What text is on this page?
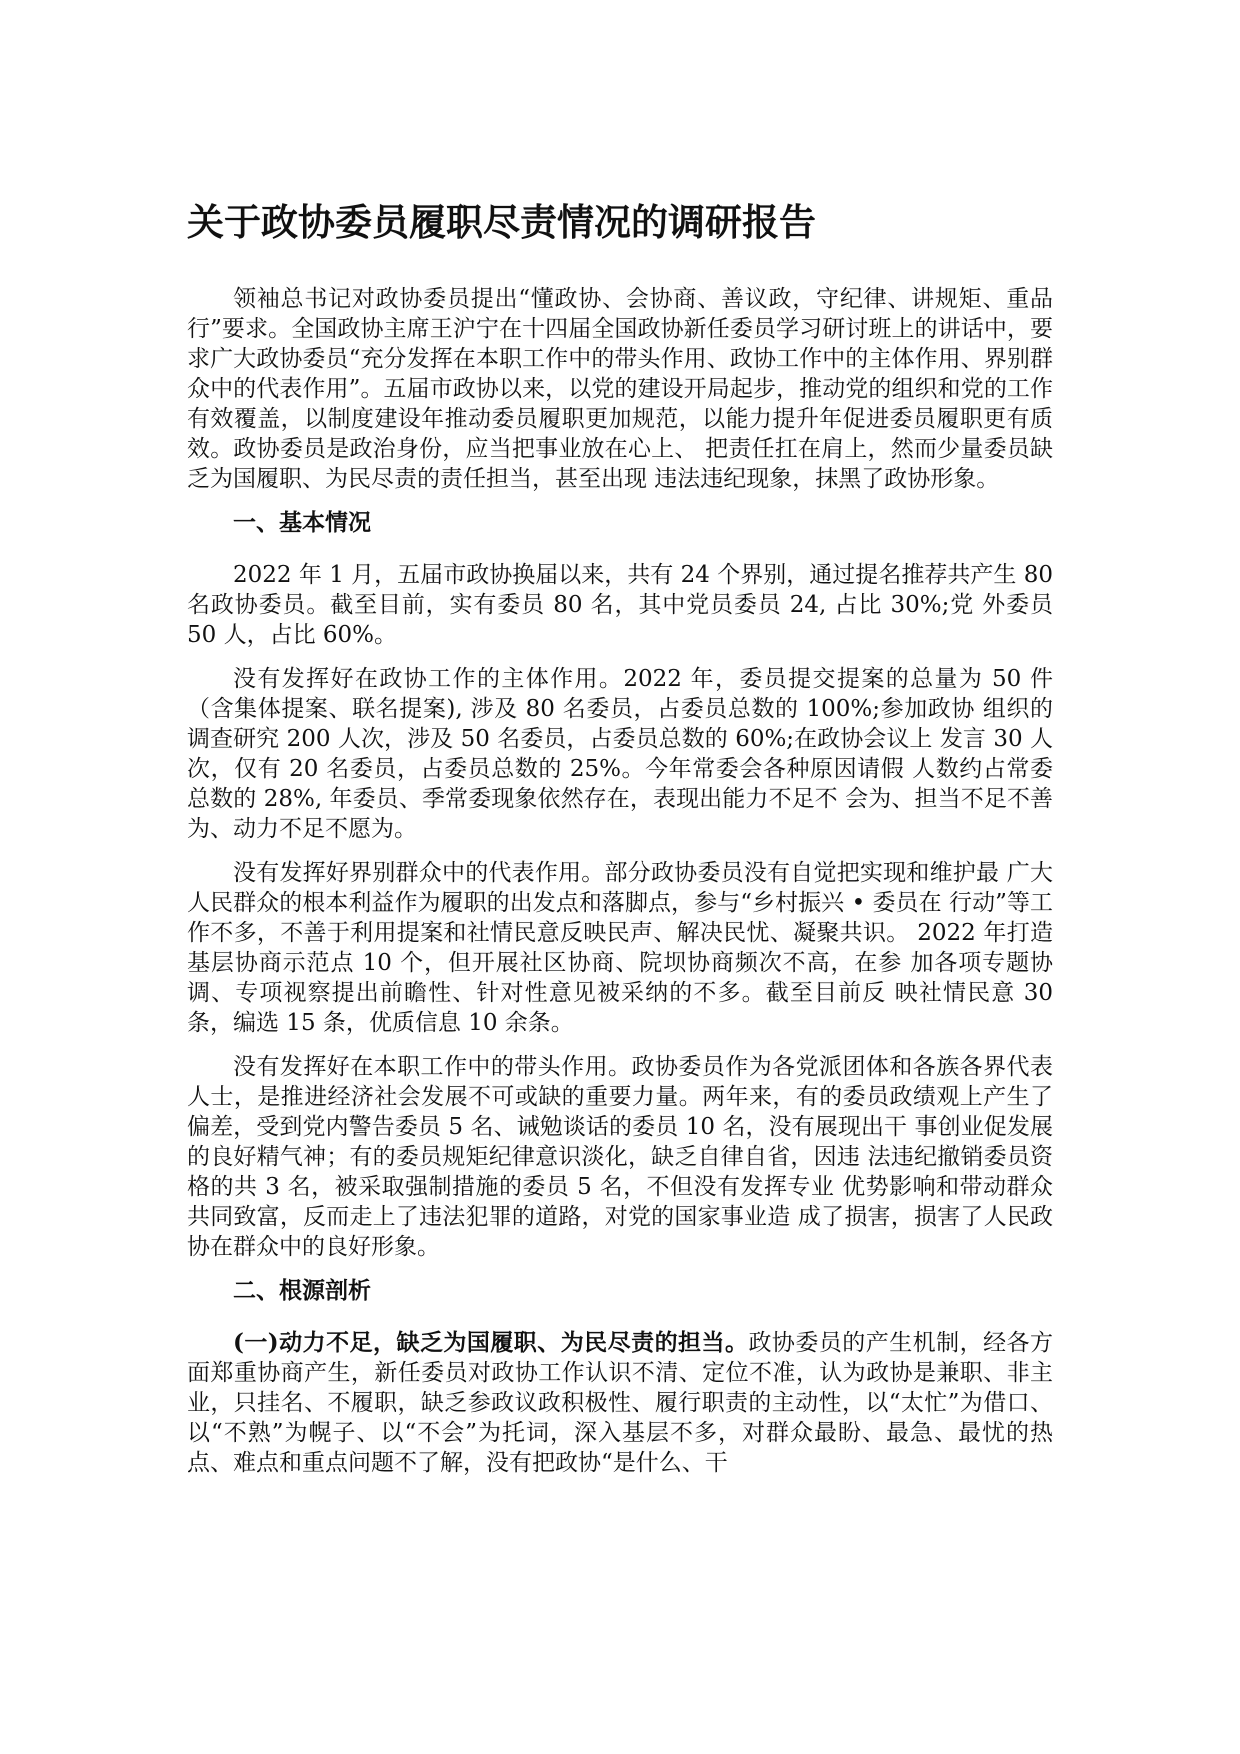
关于政协委员履职尽责情况的调研报告

领袖总书记对政协委员提出“懂政协、会协商、善议政，守纪律、讲规矩、重品行”要求。全国政协主席王沪宁在十四届全国政协新任委员学习研讨班上的讲话中，要求广大政协委员“充分发挥在本职工作中的带头作用、政协工作中的主体作用、界别群众中的代表作用”。五届市政协以来，以党的建设开局起步，推动党的组织和党的工作有效覆盖，以制度建设年推动委员履职更加规范，以能力提升年促进委员履职更有质效。政协委员是政治身份，应当把事业放在心上、 把责任扛在肩上，然而少量委员缺乏为国履职、为民尽责的责任担当，甚至出现 违法违纪现象，抹黑了政协形象。

一、基本情况

2022 年 1 月，五届市政协换届以来，共有 24 个界别，通过提名推荐共产生 80 名政协委员。截至目前，实有委员 80 名，其中党员委员 24, 占比 30%;党 外委员 50 人，占比 60%。

没有发挥好在政协工作的主体作用。2022 年，委员提交提案的总量为 50 件 （含集体提案、联名提案), 涉及 80 名委员，占委员总数的 100%;参加政协 组织的调查研究 200 人次，涉及 50 名委员，占委员总数的 60%;在政协会议上 发言 30 人次，仅有 20 名委员，占委员总数的 25%。今年常委会各种原因请假 人数约占常委总数的 28%, 年委员、季常委现象依然存在，表现出能力不足不 会为、担当不足不善为、动力不足不愿为。

没有发挥好界别群众中的代表作用。部分政协委员没有自觉把实现和维护最 广大人民群众的根本利益作为履职的出发点和落脚点，参与“乡村振兴 • 委员在 行动”等工作不多，不善于利用提案和社情民意反映民声、解决民忧、凝聚共识。 2022 年打造基层协商示范点 10 个，但开展社区协商、院坝协商频次不高，在参 加各项专题协调、专项视察提出前瞻性、针对性意见被采纳的不多。截至目前反 映社情民意 30 条，编选 15 条，优质信息 10 余条。

没有发挥好在本职工作中的带头作用。政协委员作为各党派团体和各族各界代表人士，是推进经济社会发展不可或缺的重要力量。两年来，有的委员政绩观上产生了偏差，受到党内警告委员 5 名、诫勉谈话的委员 10 名，没有展现出干 事创业促发展的良好精气神；有的委员规矩纪律意识淡化，缺乏自律自省，因违 法违纪撤销委员资格的共 3 名，被采取强制措施的委员 5 名，不但没有发挥专业 优势影响和带动群众共同致富，反而走上了违法犯罪的道路，对党的国家事业造 成了损害，损害了人民政协在群众中的良好形象。

二、根源剖析

(一)动力不足，缺乏为国履职、为民尽责的担当。政协委员的产生机制，经各方面郑重协商产生，新任委员对政协工作认识不清、定位不准，认为政协是兼职、非主业，只挂名、不履职，缺乏参政议政积极性、履行职责的主动性，以“太忙”为借口、以“不熟”为幌子、以“不会”为托词，深入基层不多，对群众最盼、最急、最忧的热点、难点和重点问题不了解，没有把政协“是什么、干
